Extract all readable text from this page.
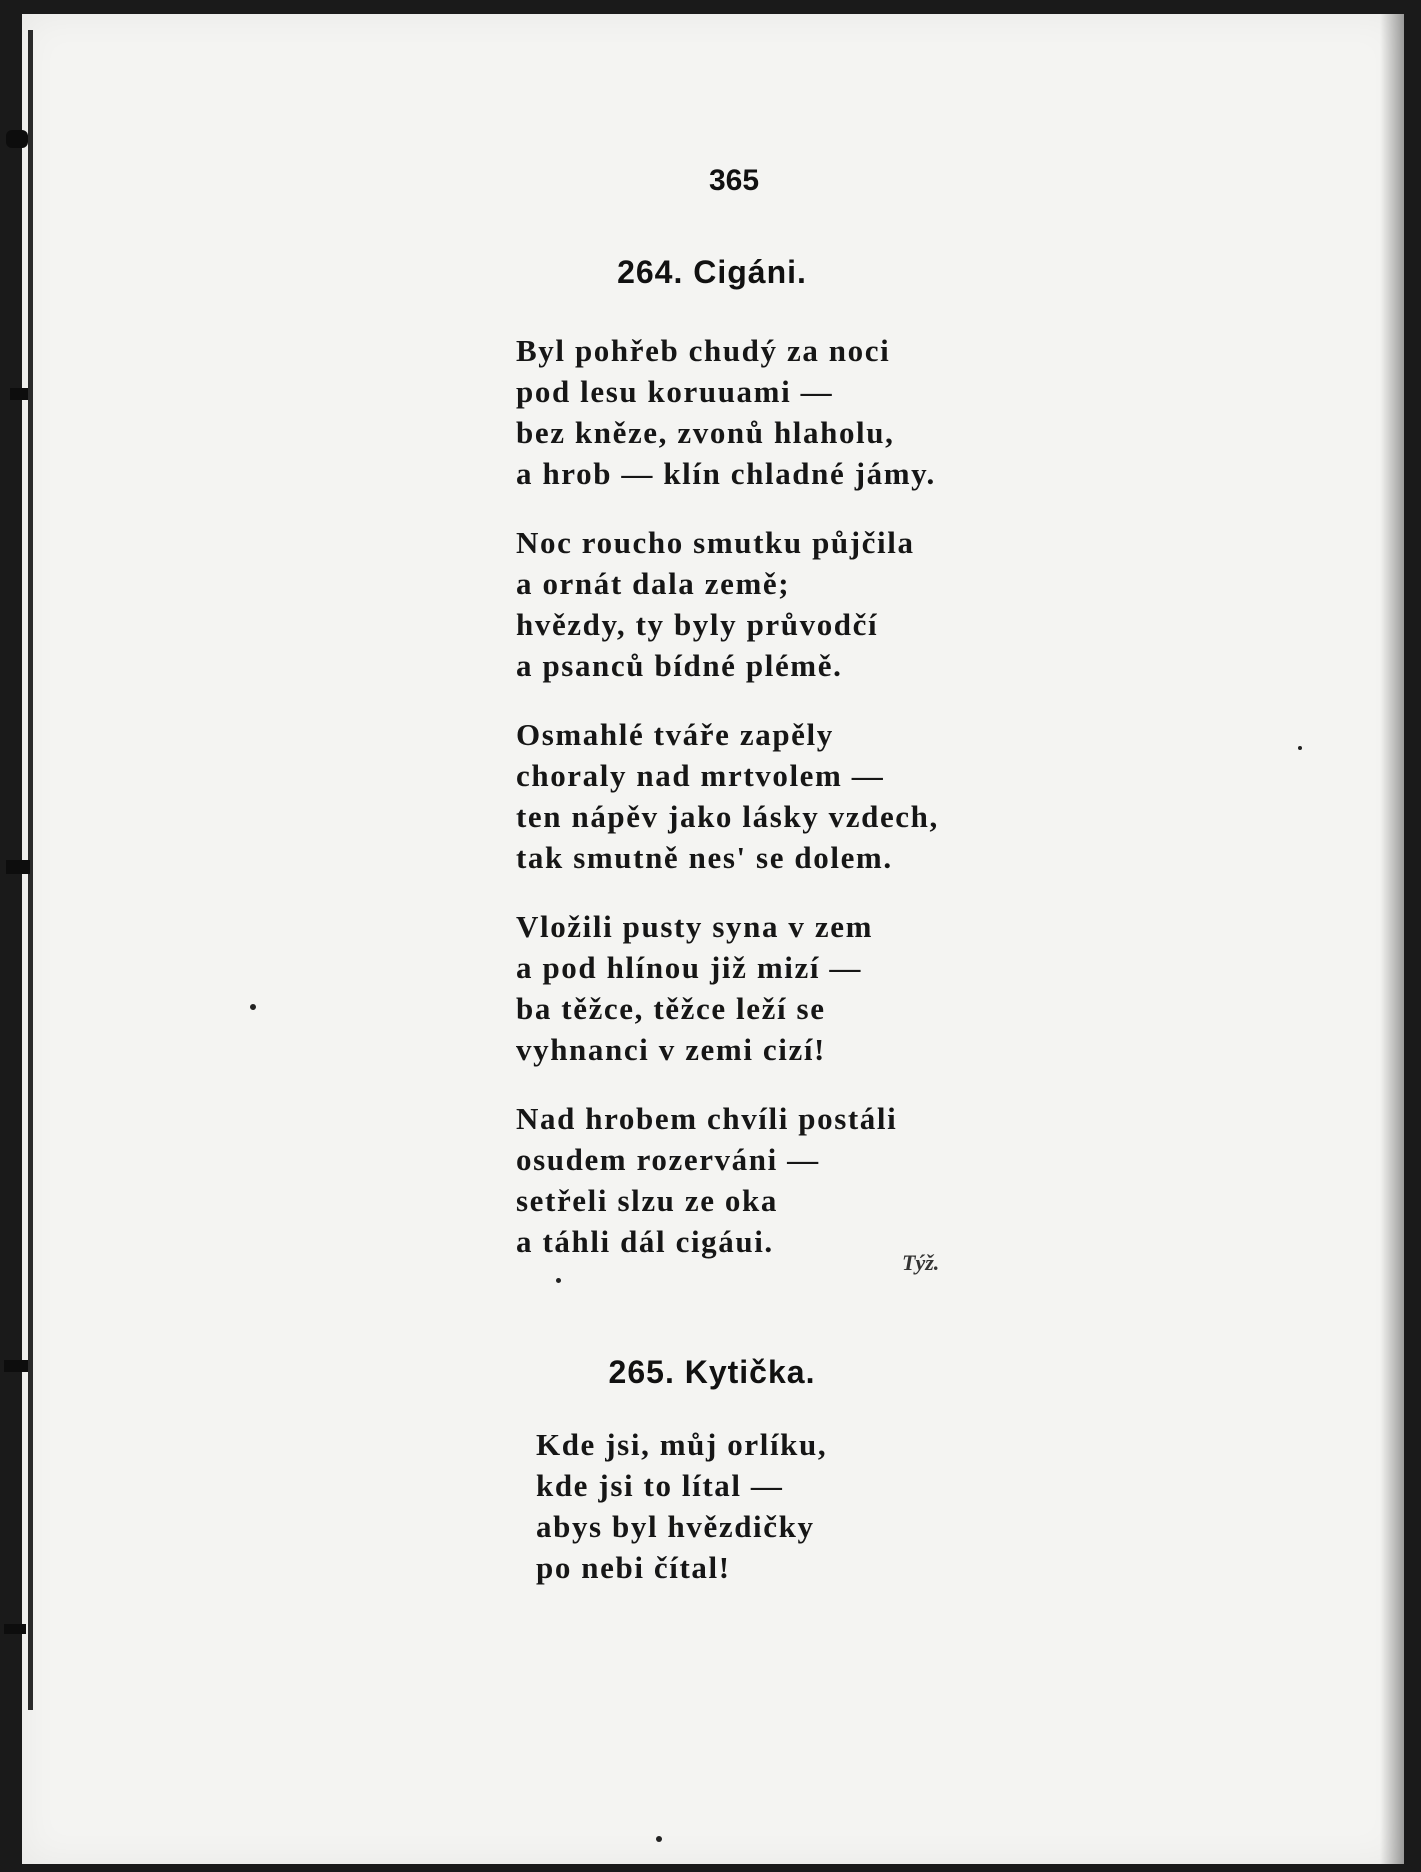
365
264. Cigáni.
Byl pohřeb chudý za noci
pod lesu koruuami —
bez kněze, zvonů hlaholu,
a hrob — klín chladné jámy.
Noc roucho smutku půjčila
a ornát dala země;
hvězdy, ty byly průvodčí
a psanců bídné plémě.
Osmahlé tváře zapěly
choraly nad mrtvolem —
ten nápěv jako lásky vzdech,
tak smutně nes' se dolem.
Vložili pusty syna v zem
a pod hlínou již mizí —
ba těžce, těžce leží se
vyhnanci v zemi cizí!
Nad hrobem chvíli postáli
osudem rozerváni —
setřeli slzu ze oka
a táhli dál cigáui.
Týž.
265. Kytička.
Kde jsi, můj orlíku,
kde jsi to lítal —
abys byl hvězdičky
po nebi čítal!
